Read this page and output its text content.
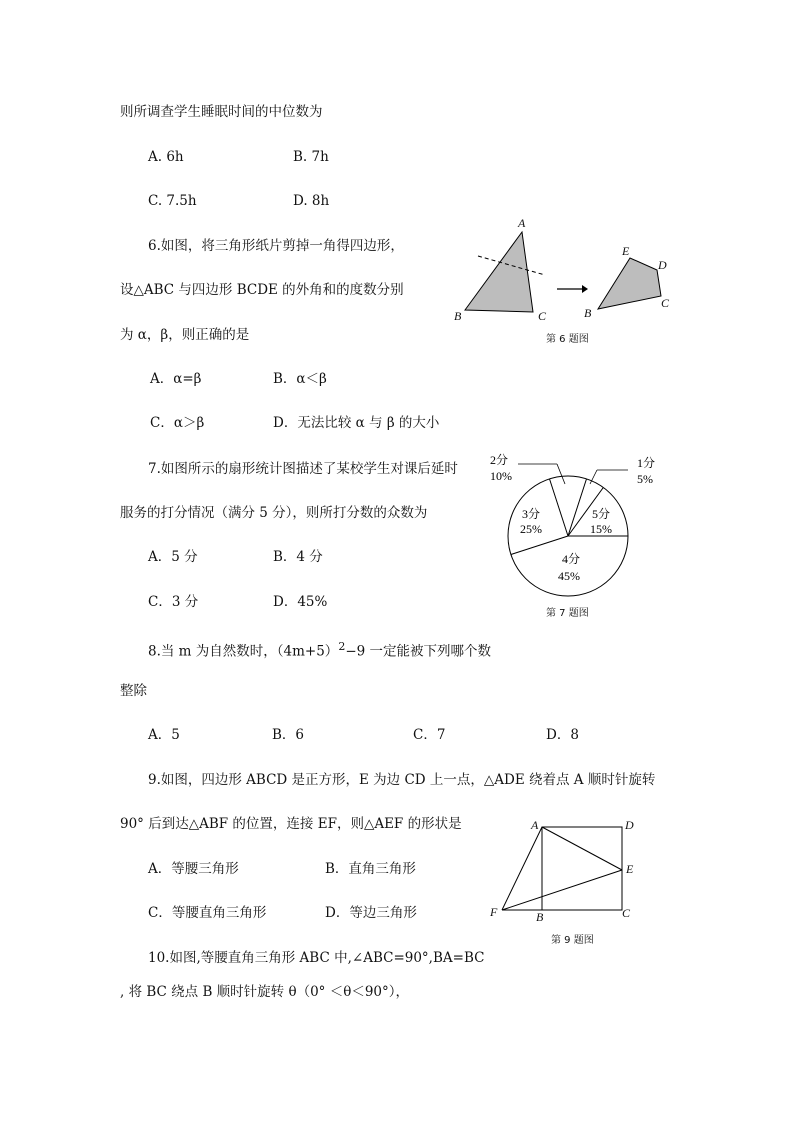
则所调查学生睡眠时间的中位数为
A. 6h	B. 7h
C. 7.5h	D. 8h
6.如图，将三角形纸片剪掉一角得四边形，
设△ABC 与四边形 BCDE 的外角和的度数分别
为 α，β，则正确的是
A．α=β	B．α＜β
C．α＞β	D．无法比较 α 与 β 的大小
A
B	C
E
D
C
B
第 6 题图
7.如图所示的扇形统计图描述了某校学生对课后延时
服务的打分情况（满分 5 分），则所打分数的众数为
A．5 分	B．4 分
C．3 分	D．45%
2分
10%
1分
5%
3分
25%
5分
15%
4分
45%
第 7 题图
8.当 m 为自然数时，$(4m+5)^2-9$ 一定能被下列哪个数
整除
A．5	B．6	C．7	D．8
9.如图，四边形 ABCD 是正方形，E 为边 CD 上一点，△ADE 绕着点 A 顺时针旋转
90° 后到达△ABF 的位置，连接 EF，则△AEF 的形状是
A．等腰三角形	B．直角三角形
C．等腰直角三角形	D．等边三角形
A	D
E
F	B	C
第 9 题图
10.如图,等腰直角三角形 ABC 中,∠ABC=90°,BA=BC
, 将 BC 绕点 B 顺时针旋转 θ（0° ＜θ＜90°），
